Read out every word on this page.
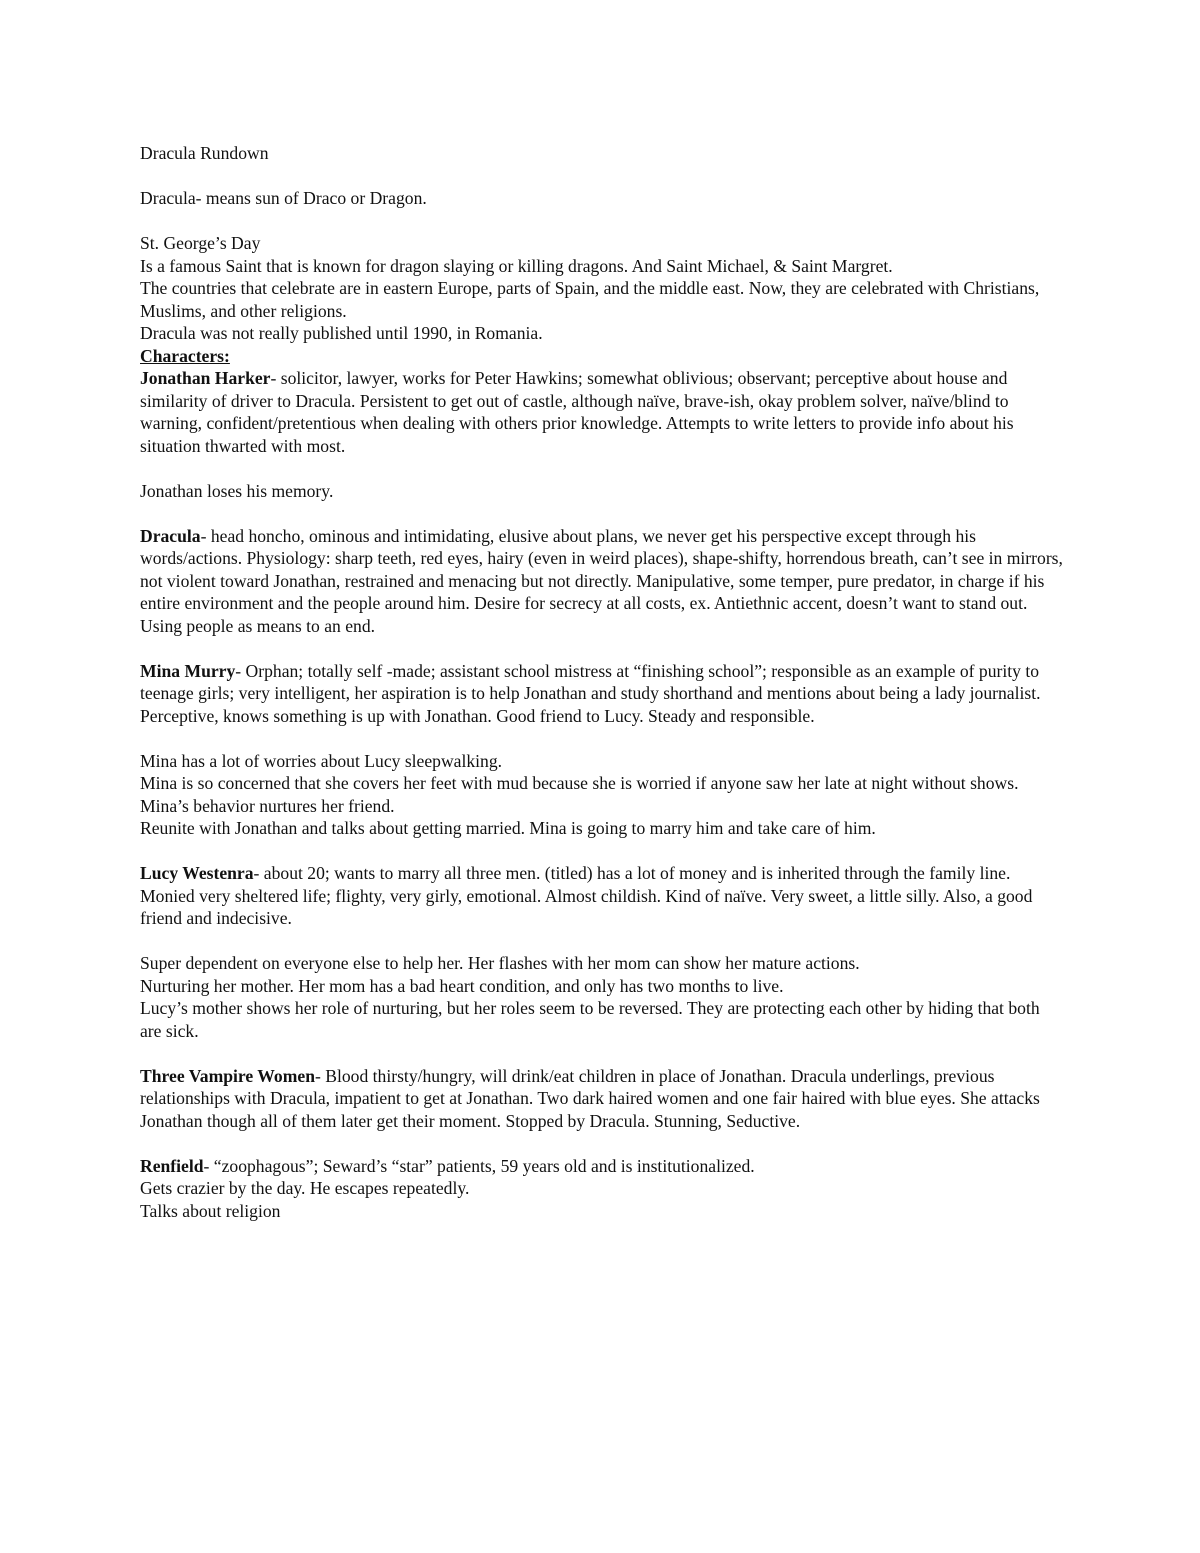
Dracula Rundown

Dracula- means sun of Draco or Dragon.

St. George’s Day

Is a famous Saint that is known for dragon slaying or killing dragons. And Saint Michael, & Saint Margret.

The countries that celebrate are in eastern Europe, parts of Spain, and the middle east. Now, they are celebrated with Christians, Muslims, and other religions.

Dracula was not really published until 1990, in Romania.

Characters:

Jonathan Harker- solicitor, lawyer, works for Peter Hawkins; somewhat oblivious; observant; perceptive about house and similarity of driver to Dracula. Persistent to get out of castle, although naïve, brave-ish, okay problem solver, naïve/blind to warning, confident/pretentious when dealing with others prior knowledge. Attempts to write letters to provide info about his situation thwarted with most.

Jonathan loses his memory.

Dracula- head honcho, ominous and intimidating, elusive about plans, we never get his perspective except through his words/actions. Physiology: sharp teeth, red eyes, hairy (even in weird places), shape-shifty, horrendous breath, can’t see in mirrors, not violent toward Jonathan, restrained and menacing but not directly. Manipulative, some temper, pure predator, in charge if his entire environment and the people around him. Desire for secrecy at all costs, ex. Antiethnic accent, doesn’t want to stand out. Using people as means to an end.

Mina Murry- Orphan; totally self -made; assistant school mistress at “finishing school”; responsible as an example of purity to teenage girls; very intelligent, her aspiration is to help Jonathan and study shorthand and mentions about being a lady journalist. Perceptive, knows something is up with Jonathan. Good friend to Lucy. Steady and responsible.

Mina has a lot of worries about Lucy sleepwalking.

Mina is so concerned that she covers her feet with mud because she is worried if anyone saw her late at night without shows.

Mina’s behavior nurtures her friend.

Reunite with Jonathan and talks about getting married. Mina is going to marry him and take care of him.

Lucy Westenra- about 20; wants to marry all three men. (titled) has a lot of money and is inherited through the family line. Monied very sheltered life; flighty, very girly, emotional. Almost childish. Kind of naïve. Very sweet, a little silly. Also, a good friend and indecisive.

Super dependent on everyone else to help her. Her flashes with her mom can show her mature actions.

Nurturing her mother. Her mom has a bad heart condition, and only has two months to live.

Lucy’s mother shows her role of nurturing, but her roles seem to be reversed. They are protecting each other by hiding that both are sick.

Three Vampire Women- Blood thirsty/hungry, will drink/eat children in place of Jonathan. Dracula underlings, previous relationships with Dracula, impatient to get at Jonathan. Two dark haired women and one fair haired with blue eyes. She attacks Jonathan though all of them later get their moment. Stopped by Dracula. Stunning, Seductive.

Renfield- “zoophagous”; Seward’s “star” patients, 59 years old and is institutionalized.

Gets crazier by the day. He escapes repeatedly.

Talks about religion
